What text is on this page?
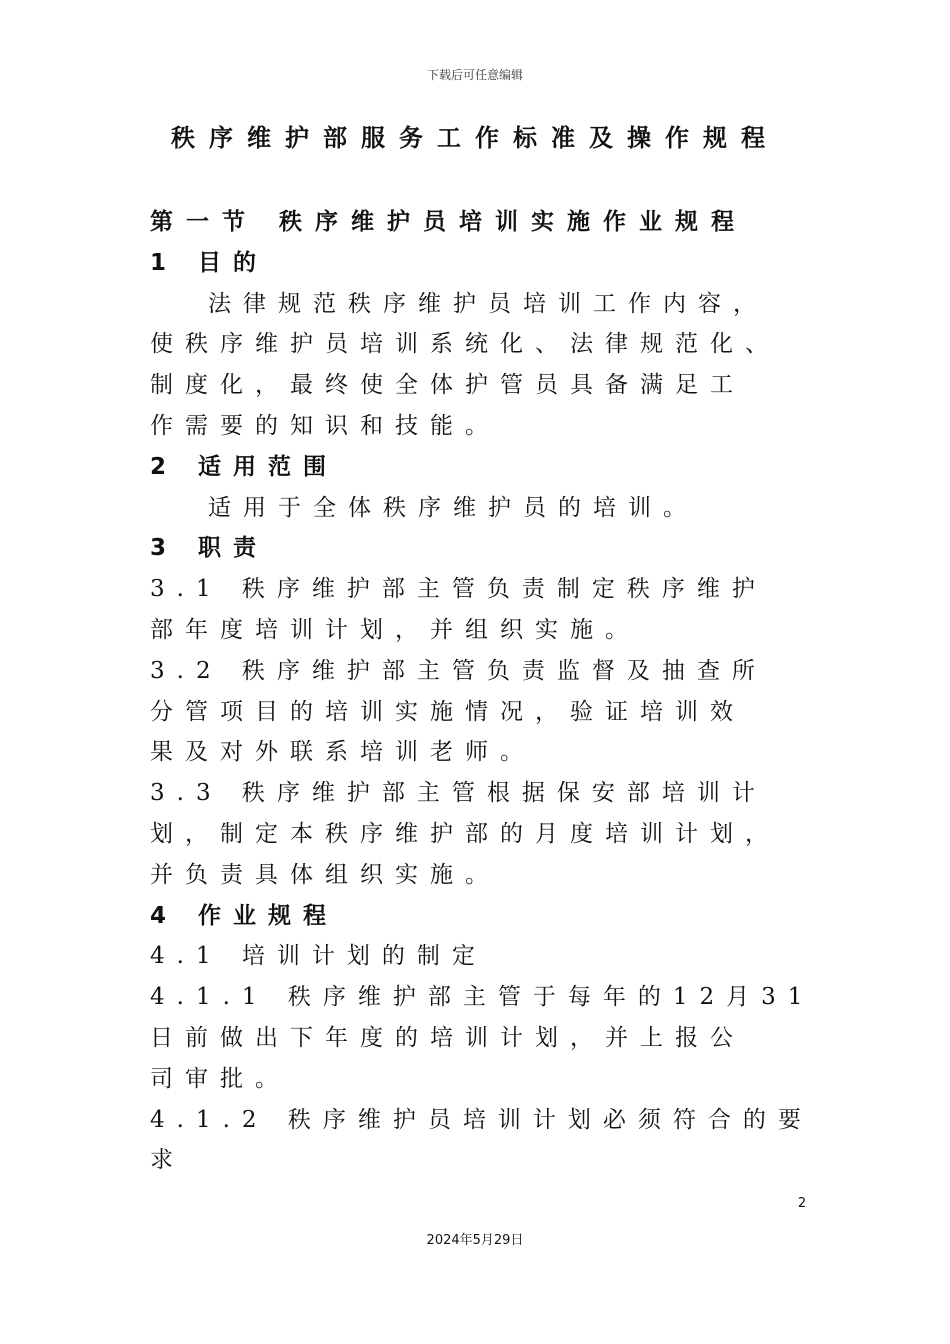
下载后可任意编辑
秩序维护部服务工作标准及操作规程
第一节 秩序维护员培训实施作业规程
1 目的
法律规范秩序维护员培训工作内容，
使秩序维护员培训系统化、法律规范化、
制度化，最终使全体护管员具备满足工
作需要的知识和技能。
2 适用范围
适用于全体秩序维护员的培训。
3 职责
3.1 秩序维护部主管负责制定秩序维护
部年度培训计划，并组织实施。
3.2 秩序维护部主管负责监督及抽查所
分管项目的培训实施情况，验证培训效
果及对外联系培训老师。
3.3 秩序维护部主管根据保安部培训计
划，制定本秩序维护部的月度培训计划，
并负责具体组织实施。
4 作业规程
4.1 培训计划的制定
4.1.1 秩序维护部主管于每年的12月31
日前做出下年度的培训计划，并上报公
司审批。
4.1.2 秩序维护员培训计划必须符合的要
求
2
2024年5月29日
